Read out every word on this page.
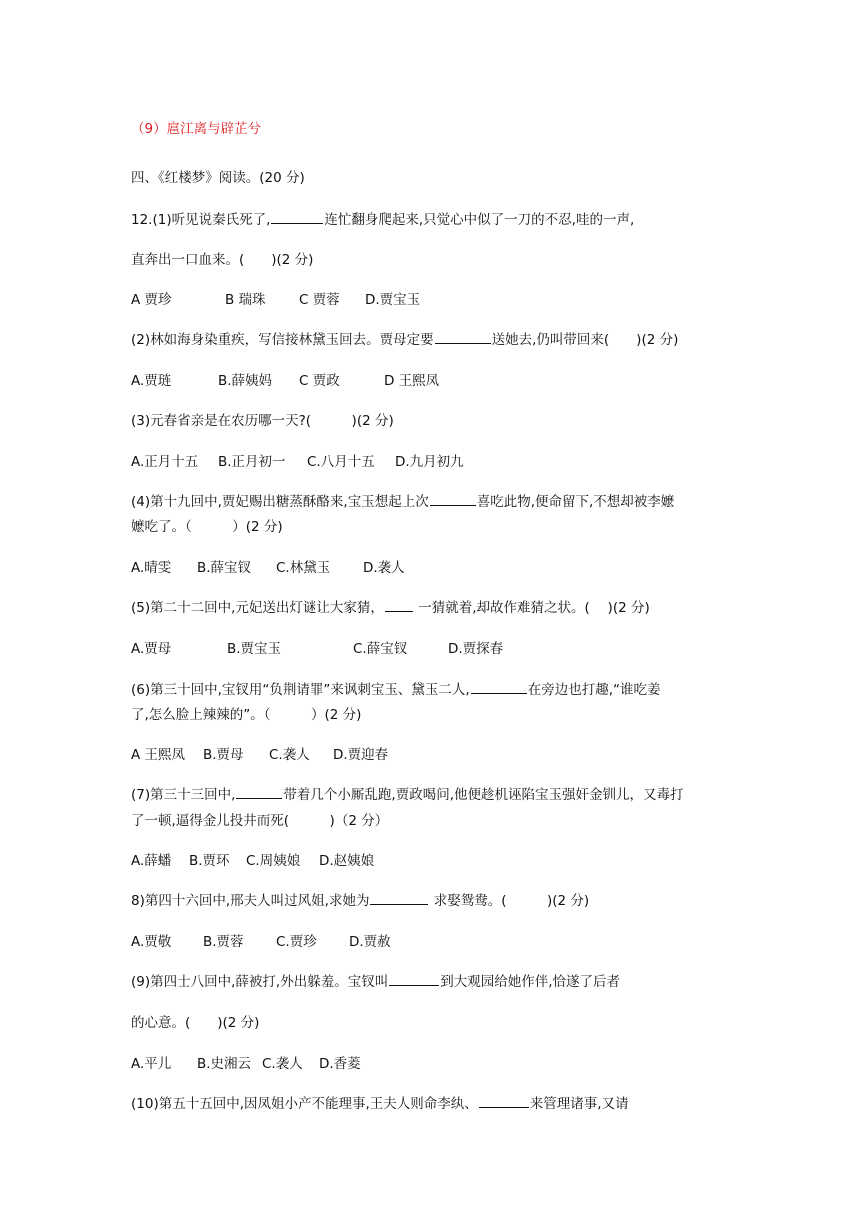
（9）扈江离与辟芷兮
四、《红楼梦》阅读。(20 分)
12.(1)听见说秦氏死了,	连忙翻身爬起来,只觉心中似了一刀的不忍,哇的一声,
直奔出一口血来。(　　)(2 分)
A 贾珍	B 瑞珠 C 贾蓉 D.贾宝玉
(2)林如海身染重疾，写信接林黛玉回去。贾母定要	送她去,仍叫带回来(　　)(2 分)
A.贾琏	B.薛姨妈 C 贾政	D 王熙凤
(3)元春省亲是在农历哪一天?(　　　)(2 分)
A.正月十五 B.正月初一 C.八月十五 D.九月初九
(4)第十九回中,贾妃赐出糖蒸酥酪来,宝玉想起上次	喜吃此物,便命留下,不想却被李嬷
嬷吃了。（　　　）(2 分)
A.晴雯 B.薛宝钗 C.林黛玉 D.袭人
(5)第二十二回中,元妃送出灯谜让大家猜， 一猜就着,却故作难猜之状。(　 )(2 分)
A.贾母	B.贾宝玉	C.薛宝钗	D.贾探春
(6)第三十回中,宝钗用“负荆请罪”来讽刺宝玉、黛玉二人,	在旁边也打趣,“谁吃姜
了,怎么脸上辣辣的”。（　　　）(2 分)
A 王熙凤 B.贾母 C.袭人 D.贾迎春
(7)第三十三回中,	带着几个小厮乱跑,贾政喝问,他便趁机诬陷宝玉强奸金钏儿，又毒打
了一顿,逼得金儿投井而死(　　　)（2 分）
A.薛蟠 B.贾环 C.周姨娘 D.赵姨娘
8)第四十六回中,邢夫人叫过风姐,求她为	求娶鸳鸯。(　　　)(2 分)
A.贾敬 B.贾蓉 C.贾珍 D.贾赦
(9)第四士八回中,薛被打,外出躲羞。宝钗叫	到大观园给她作伴,恰遂了后者
的心意。(　　)(2 分)
A.平儿 B.史湘云 C.袭人 D.香菱
(10)第五十五回中,因凤姐小产不能理事,王夫人则命李纨、	来管理诸事,又请
